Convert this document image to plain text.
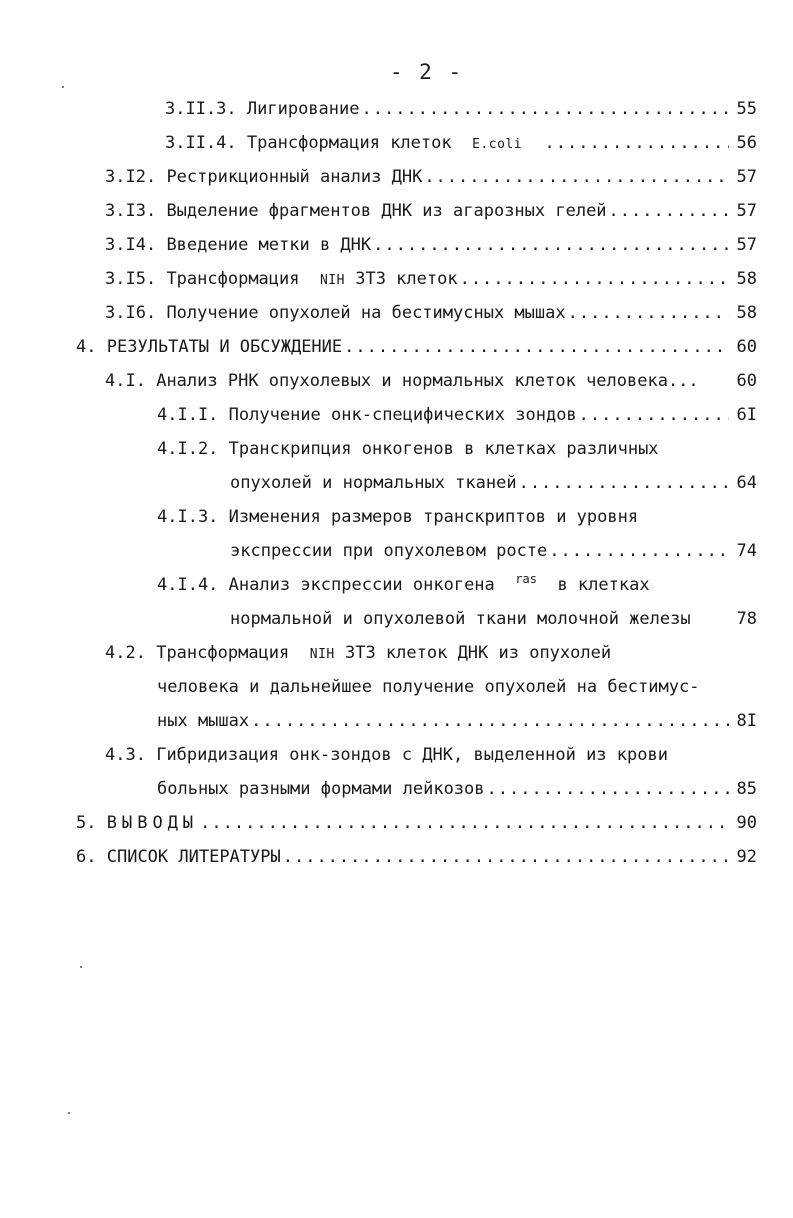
- 2 -
3.II.3.
Лигирование .....	55
3.II.4.
Трансформация клеток
E.coli
.....	56
3.I2.
Рестрикционный анализ ДНК .....	57
3.I3.
Выделение фрагментов ДНК из агарозных гелей .....	57
3.I4.
Введение метки в ДНК .....	57
3.I5.
Трансформация
NIH
3T3 клеток .....	58
3.I6.
Получение опухолей на бестимусных мышах .....	58
4.
РЕЗУЛЬТАТЫ И ОБСУЖДЕНИЕ .....	60
4.I.
Анализ РНК опухолевых и нормальных клеток человека...	60
4.I.I.
Получение онк-специфических зондов .....	6I
4.I.2.
Транскрипция онкогенов в клетках различных
опухолей и нормальных тканей .....	64
4.I.3.
Изменения размеров транскриптов и уровня
экспрессии при опухолевом росте .....	74
4.I.4.
Анализ экспрессии онкогена
ras
в клетках
нормальной и опухолевой ткани молочной железы	78
4.2.
Трансформация
NIH
3T3 клеток ДНК из опухолей
человека и дальнейшее получение опухолей на бестимус-
ных мышах .....	8I
4.3.
Гибридизация онк-зондов с ДНК, выделенной из крови
больных разными формами лейкозов .....	85
5.
ВЫВОДЫ .....	90
6.
СПИСОК ЛИТЕРАТУРЫ .....	92
